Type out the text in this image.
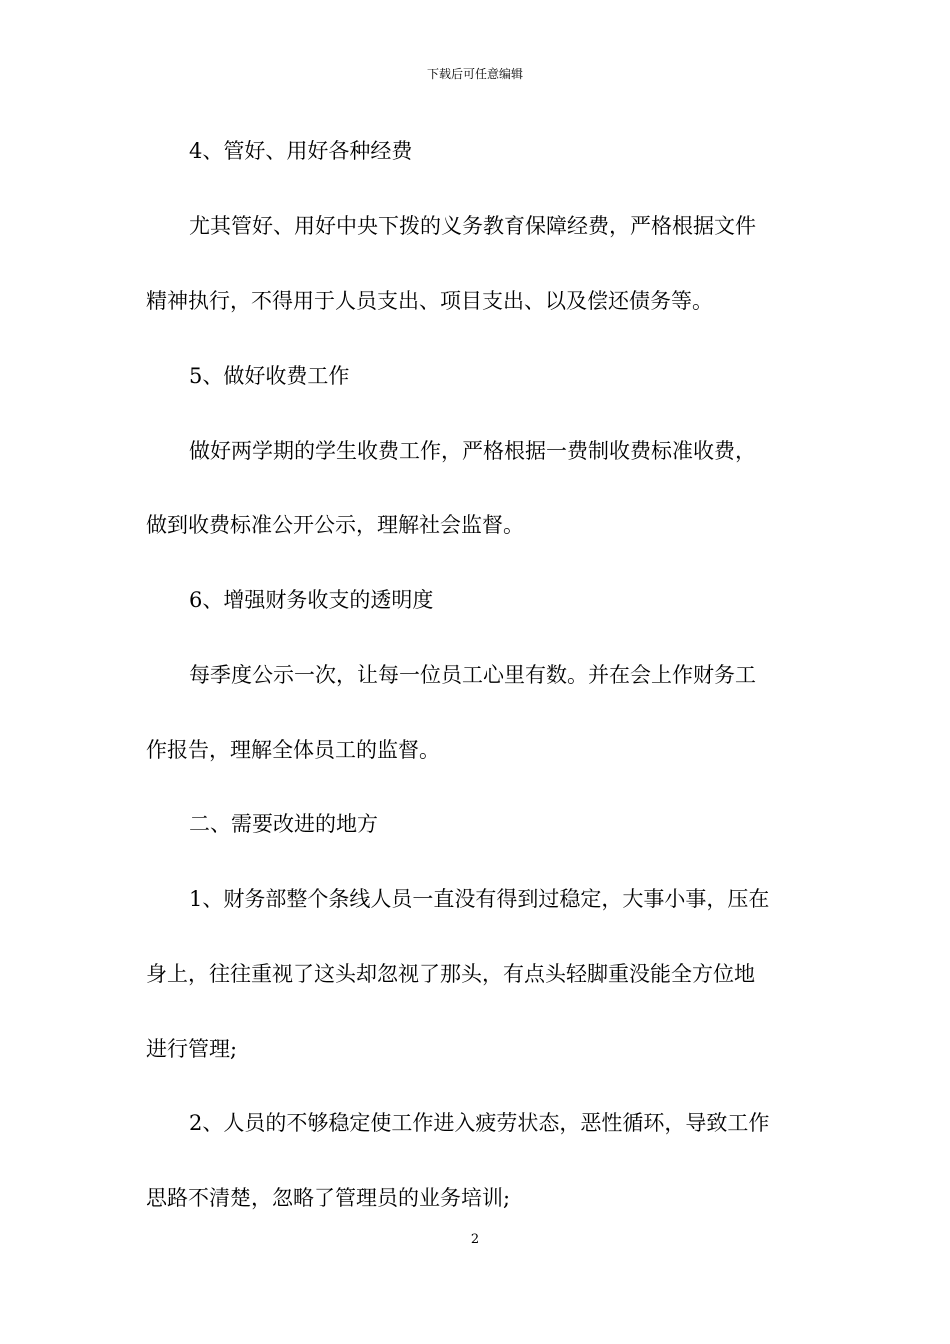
下载后可任意编辑
4、管好、用好各种经费
尤其管好、用好中央下拨的义务教育保障经费，严格根据文件
精神执行，不得用于人员支出、项目支出、以及偿还债务等。
5、做好收费工作
做好两学期的学生收费工作，严格根据一费制收费标准收费，
做到收费标准公开公示，理解社会监督。
6、增强财务收支的透明度
每季度公示一次，让每一位员工心里有数。并在会上作财务工
作报告，理解全体员工的监督。
二、需要改进的地方
1、财务部整个条线人员一直没有得到过稳定，大事小事，压在
身上，往往重视了这头却忽视了那头，有点头轻脚重没能全方位地
进行管理;
2、人员的不够稳定使工作进入疲劳状态，恶性循环，导致工作
思路不清楚，忽略了管理员的业务培训;
2
